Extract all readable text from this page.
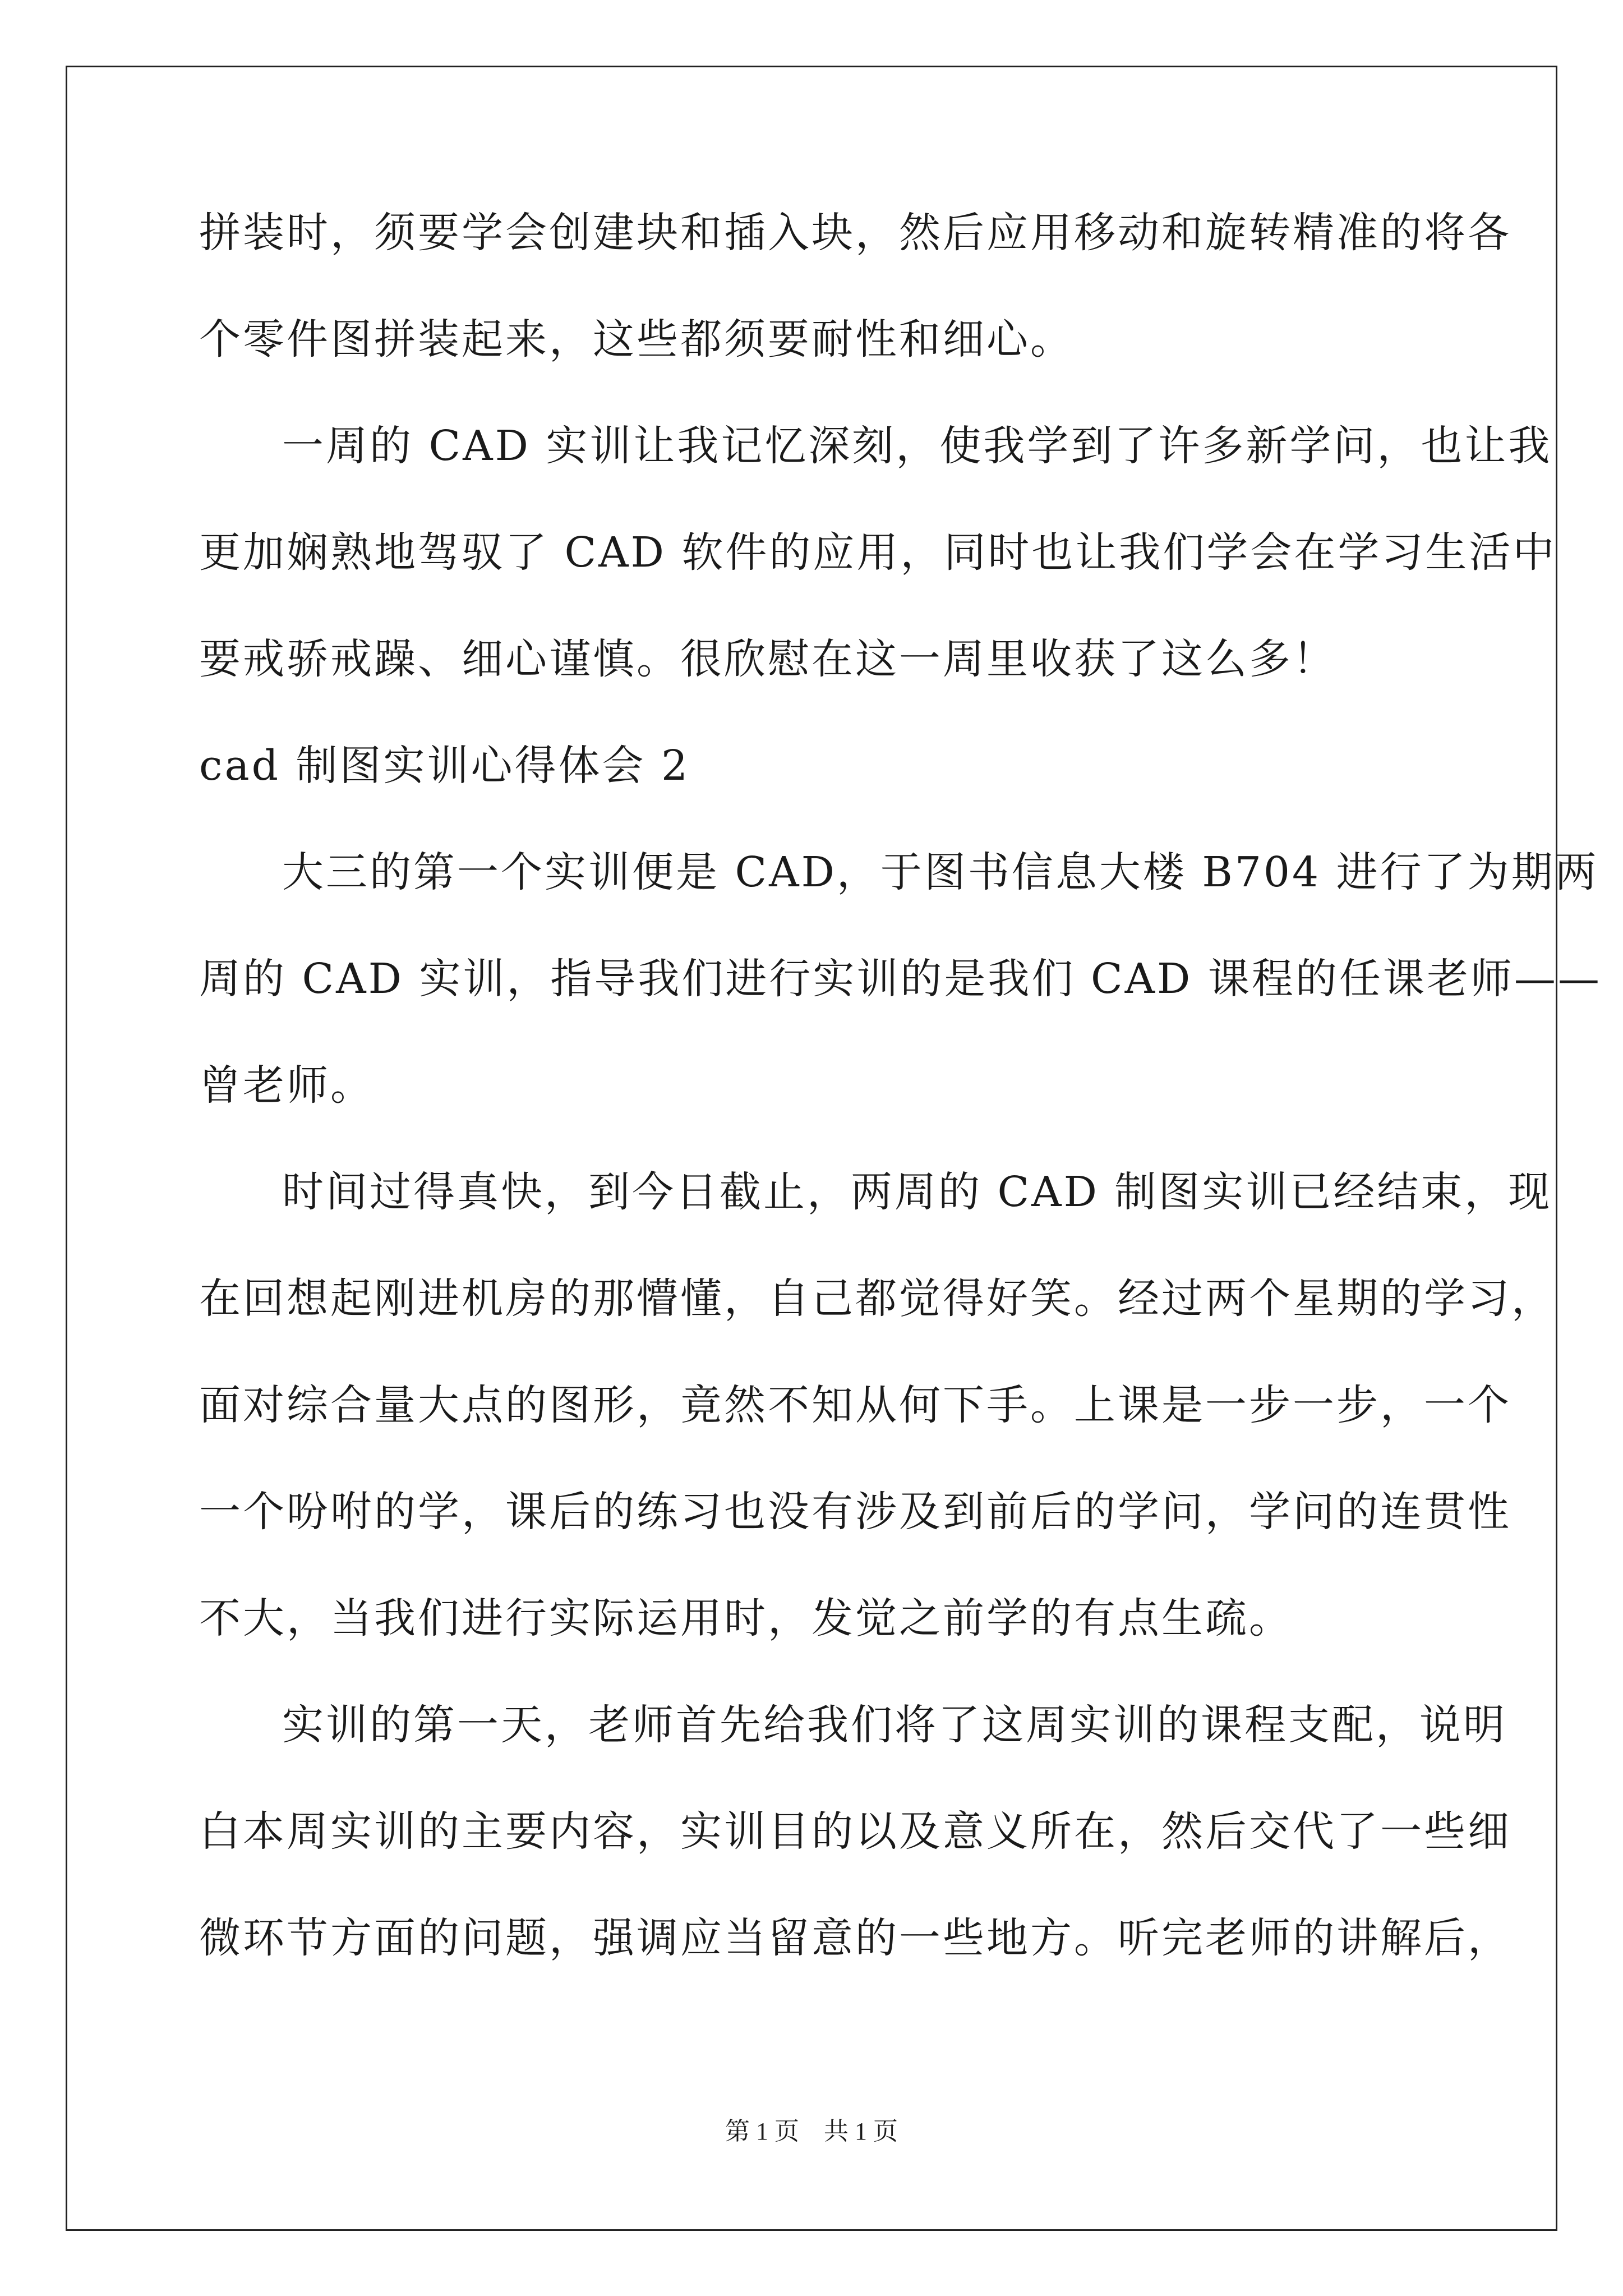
拼装时，须要学会创建块和插入块，然后应用移动和旋转精准的将各
个零件图拼装起来，这些都须要耐性和细心。
一周的 CAD 实训让我记忆深刻，使我学到了许多新学问，也让我
更加娴熟地驾驭了 CAD 软件的应用，同时也让我们学会在学习生活中
要戒骄戒躁、细心谨慎。很欣慰在这一周里收获了这么多！
cad 制图实训心得体会 2
大三的第一个实训便是 CAD，于图书信息大楼 B704 进行了为期两
周的 CAD 实训，指导我们进行实训的是我们 CAD 课程的任课老师——
曾老师。
时间过得真快，到今日截止，两周的 CAD 制图实训已经结束，现
在回想起刚进机房的那懵懂，自己都觉得好笑。经过两个星期的学习，
面对综合量大点的图形，竟然不知从何下手。上课是一步一步，一个
一个吩咐的学，课后的练习也没有涉及到前后的学问，学问的连贯性
不大，当我们进行实际运用时，发觉之前学的有点生疏。
实训的第一天，老师首先给我们将了这周实训的课程支配，说明
白本周实训的主要内容，实训目的以及意义所在，然后交代了一些细
微环节方面的问题，强调应当留意的一些地方。听完老师的讲解后，
第 1 页　共 1 页
